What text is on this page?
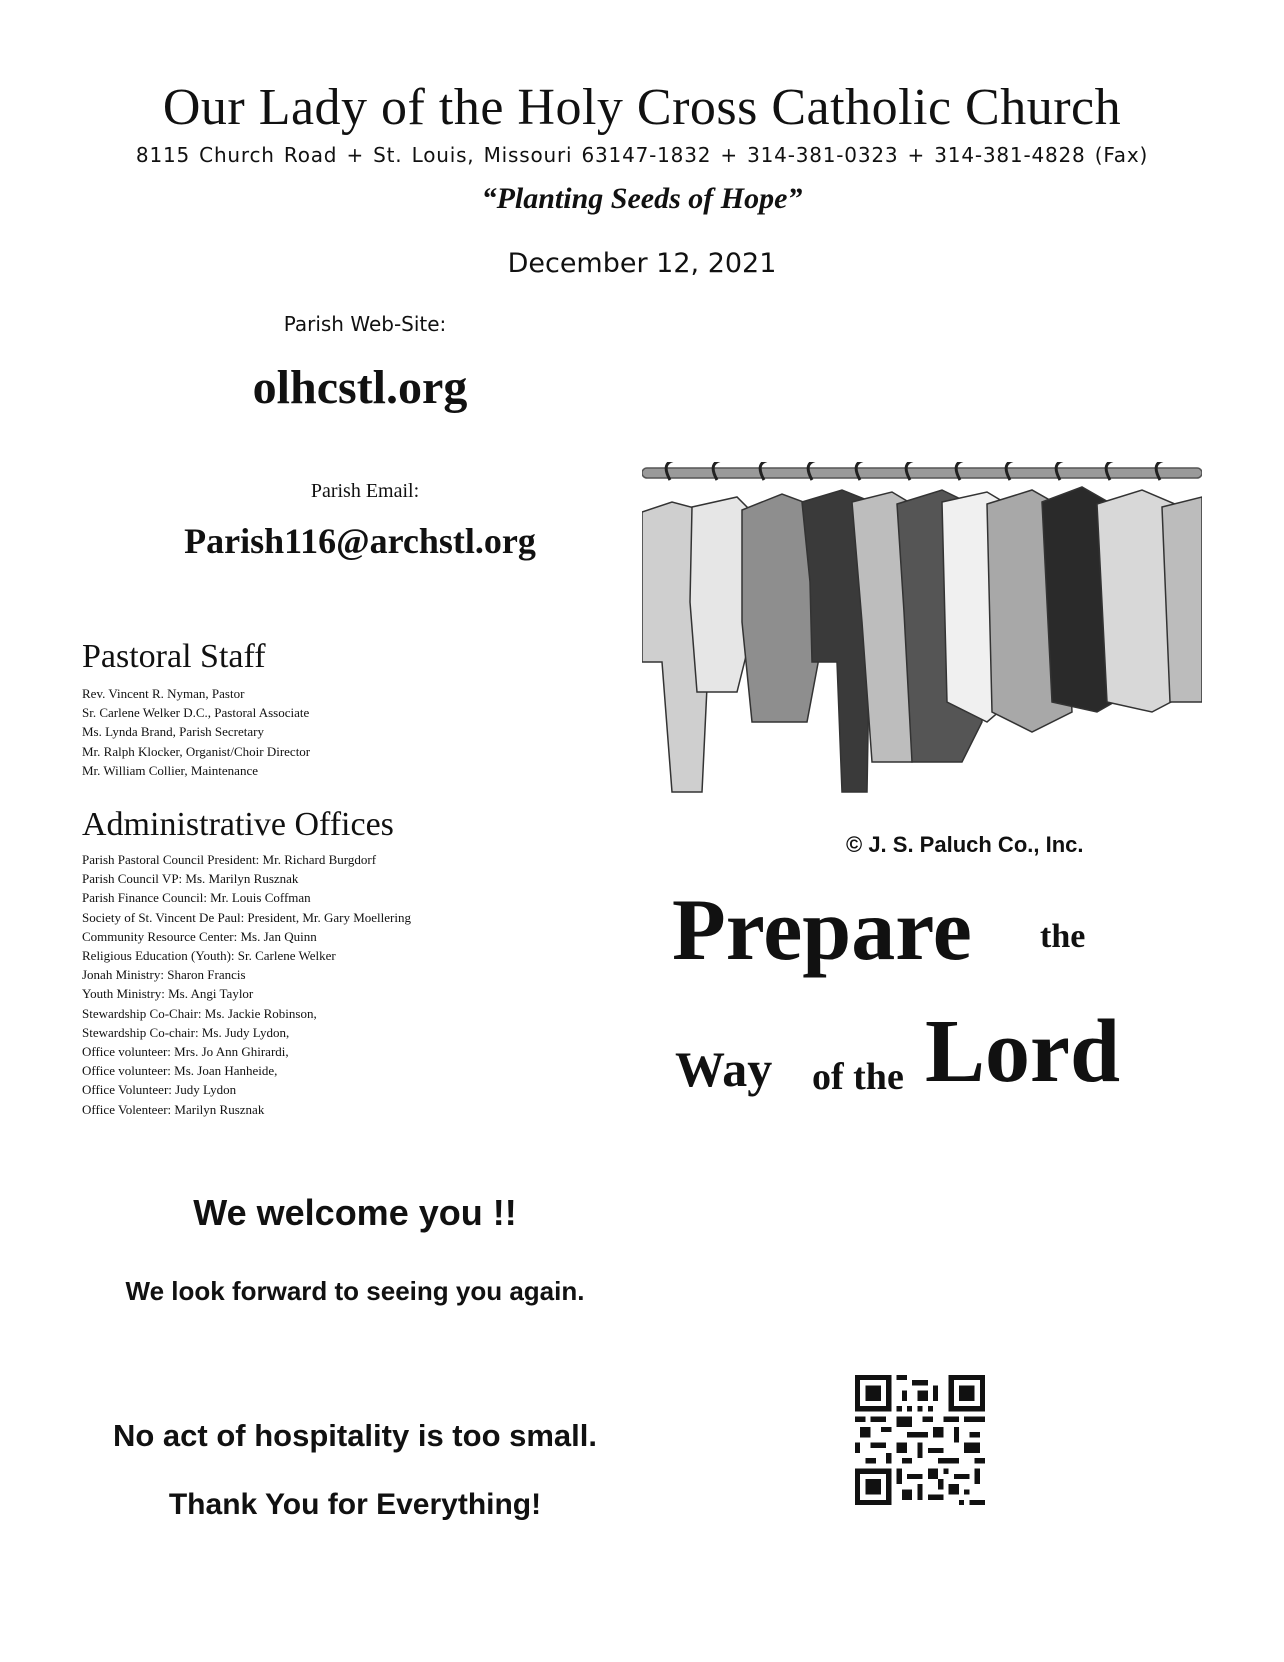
Our Lady of the Holy Cross Catholic Church
8115 Church Road + St. Louis, Missouri 63147-1832 + 314-381-0323 + 314-381-4828 (Fax)
“Planting Seeds of Hope”
December 12, 2021
Parish Web-Site:
olhcstl.org
Parish Email:
Parish116@archstl.org
Pastoral Staff
Rev. Vincent R. Nyman, Pastor
Sr. Carlene Welker D.C., Pastoral Associate
Ms. Lynda Brand, Parish Secretary
Mr. Ralph Klocker, Organist/Choir Director
Mr. William Collier, Maintenance
Administrative Offices
Parish Pastoral Council President: Mr. Richard Burgdorf
Parish Council VP: Ms. Marilyn Rusznak
Parish Finance Council: Mr. Louis Coffman
Society of St. Vincent De Paul: President, Mr. Gary Moellering
Community Resource Center: Ms. Jan Quinn
Religious Education (Youth): Sr. Carlene Welker
Jonah Ministry: Sharon Francis
Youth Ministry: Ms. Angi Taylor
Stewardship Co-Chair: Ms. Jackie Robinson,
Stewardship Co-chair: Ms. Judy Lydon,
Office volunteer: Mrs. Jo Ann Ghirardi,
Office volunteer: Ms. Joan Hanheide,
Office Volunteer: Judy Lydon
Office Volenteer: Marilyn Rusznak
© J. S. Paluch Co., Inc.
Prepare the
Way of the Lord
We welcome you !!
We look forward to seeing you again.
No act of hospitality is too small.
Thank You for Everything!
